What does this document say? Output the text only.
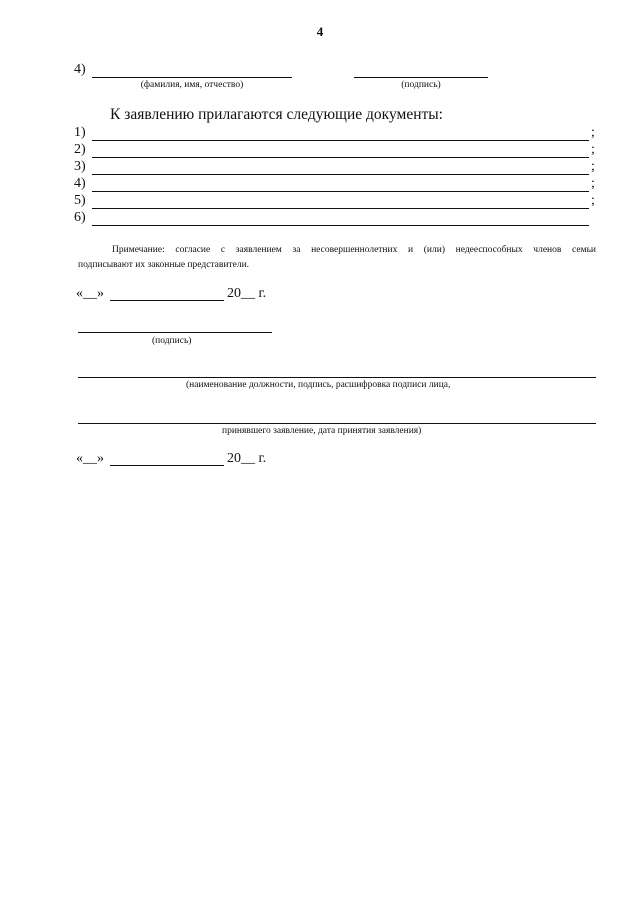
4
4)
(фамилия, имя, отчество)	(подпись)
К заявлению прилагаются следующие документы:
1)	;
2)	;
3)	;
4)	;
5)	;
6)
Примечание: согласие с заявлением за несовершеннолетних и (или) недееспособных членов семьи
подписывают их законные представители.
«__»	20__ г.
(подпись)
(наименование должности, подпись, расшифровка подписи лица,
принявшего заявление, дата принятия заявления)
«__»	20__ г.
